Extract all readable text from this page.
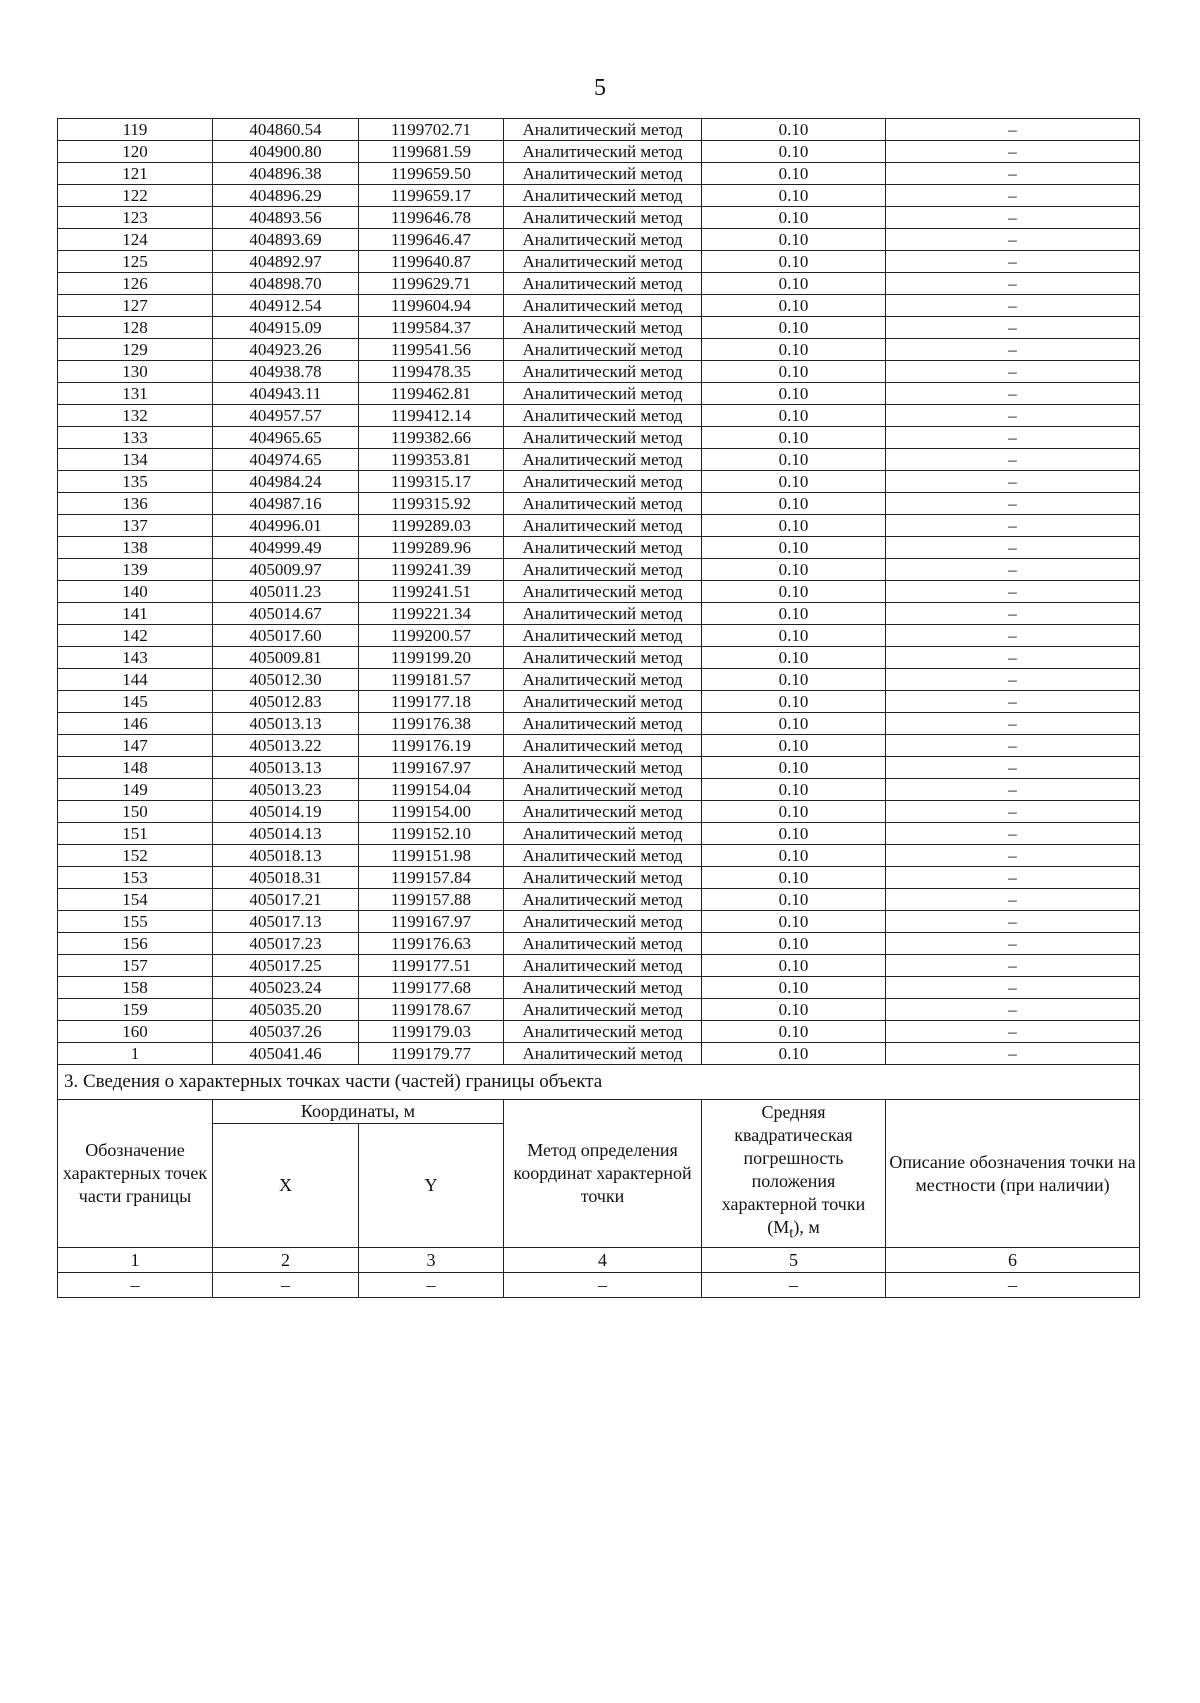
5
119	404860.54	1199702.71	Аналитический метод	0.10	–
120	404900.80	1199681.59	Аналитический метод	0.10	–
121	404896.38	1199659.50	Аналитический метод	0.10	–
122	404896.29	1199659.17	Аналитический метод	0.10	–
123	404893.56	1199646.78	Аналитический метод	0.10	–
124	404893.69	1199646.47	Аналитический метод	0.10	–
125	404892.97	1199640.87	Аналитический метод	0.10	–
126	404898.70	1199629.71	Аналитический метод	0.10	–
127	404912.54	1199604.94	Аналитический метод	0.10	–
128	404915.09	1199584.37	Аналитический метод	0.10	–
129	404923.26	1199541.56	Аналитический метод	0.10	–
130	404938.78	1199478.35	Аналитический метод	0.10	–
131	404943.11	1199462.81	Аналитический метод	0.10	–
132	404957.57	1199412.14	Аналитический метод	0.10	–
133	404965.65	1199382.66	Аналитический метод	0.10	–
134	404974.65	1199353.81	Аналитический метод	0.10	–
135	404984.24	1199315.17	Аналитический метод	0.10	–
136	404987.16	1199315.92	Аналитический метод	0.10	–
137	404996.01	1199289.03	Аналитический метод	0.10	–
138	404999.49	1199289.96	Аналитический метод	0.10	–
139	405009.97	1199241.39	Аналитический метод	0.10	–
140	405011.23	1199241.51	Аналитический метод	0.10	–
141	405014.67	1199221.34	Аналитический метод	0.10	–
142	405017.60	1199200.57	Аналитический метод	0.10	–
143	405009.81	1199199.20	Аналитический метод	0.10	–
144	405012.30	1199181.57	Аналитический метод	0.10	–
145	405012.83	1199177.18	Аналитический метод	0.10	–
146	405013.13	1199176.38	Аналитический метод	0.10	–
147	405013.22	1199176.19	Аналитический метод	0.10	–
148	405013.13	1199167.97	Аналитический метод	0.10	–
149	405013.23	1199154.04	Аналитический метод	0.10	–
150	405014.19	1199154.00	Аналитический метод	0.10	–
151	405014.13	1199152.10	Аналитический метод	0.10	–
152	405018.13	1199151.98	Аналитический метод	0.10	–
153	405018.31	1199157.84	Аналитический метод	0.10	–
154	405017.21	1199157.88	Аналитический метод	0.10	–
155	405017.13	1199167.97	Аналитический метод	0.10	–
156	405017.23	1199176.63	Аналитический метод	0.10	–
157	405017.25	1199177.51	Аналитический метод	0.10	–
158	405023.24	1199177.68	Аналитический метод	0.10	–
159	405035.20	1199178.67	Аналитический метод	0.10	–
160	405037.26	1199179.03	Аналитический метод	0.10	–
1	405041.46	1199179.77	Аналитический метод	0.10	–
3. Сведения о характерных точках части (частей) границы объекта					
Обозначение характерных точек части границы	Координаты, м		Метод определения координат характерной точки	Средняя квадратическая погрешность положения характерной точки $(M_t)$, м	Описание обозначения точки на местности (при наличии)
	X	Y			
1	2	3	4	5	6
–	–	–	–	–	–
